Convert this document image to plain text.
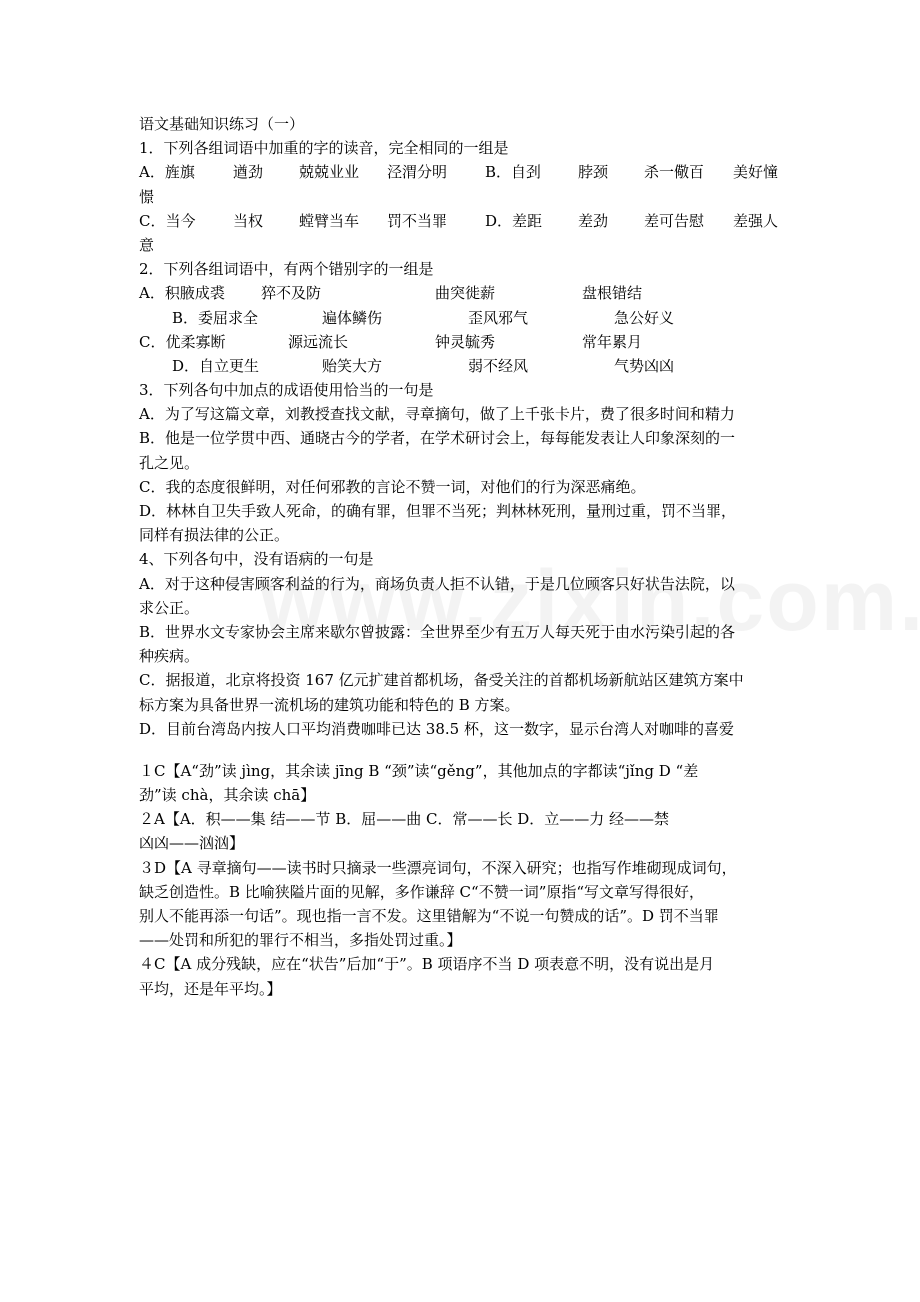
语文基础知识练习（一）
1．下列各组词语中加重的字的读音，完全相同的一组是
A．旌旗	遒劲 兢兢业业 泾渭分明	B．自刭 脖颈 杀一儆百 美好憧
憬
C．当今	当权 螳臂当车 罚不当罪	D．差距 差劲 差可告慰 差强人
意
2．下列各组词语中，有两个错别字的一组是
A．积腋成裘 猝不及防	曲突徙薪	盘根错结
B．委屈求全	遍体鳞伤	歪风邪气	急公好义
C．优柔寡断	源远流长	钟灵毓秀	常年累月
D．自立更生	贻笑大方	弱不经风	气势凶凶
3．下列各句中加点的成语使用恰当的一句是
A．为了写这篇文章，刘教授查找文献，寻章摘句，做了上千张卡片，费了很多时间和精力
B．他是一位学贯中西、通晓古今的学者，在学术研讨会上，每每能发表让人印象深刻的一
孔之见。
C．我的态度很鲜明，对任何邪教的言论不赞一词，对他们的行为深恶痛绝。
D．林林自卫失手致人死命，的确有罪，但罪不当死；判林林死刑，量刑过重，罚不当罪，
同样有损法律的公正。
4、下列各句中，没有语病的一句是
A．对于这种侵害顾客利益的行为，商场负责人拒不认错，于是几位顾客只好状告法院，以
求公正。
B．世界水文专家协会主席来歇尔曾披露：全世界至少有五万人每天死于由水污染引起的各
种疾病。
C．据报道，北京将投资 167 亿元扩建首都机场，备受关注的首都机场新航站区建筑方案中
标方案为具备世界一流机场的建筑功能和特色的 B 方案。
D．目前台湾岛内按人口平均消费咖啡已达 38.5 杯，这一数字，显示台湾人对咖啡的喜爱
１C【A“劲”读 jìng，其余读 jīng B “颈”读“gěng”，其他加点的字都读“jǐng D “差
劲”读 chà，其余读 chā】
２A【A．积——集 结——节 B．屈——曲 C．常——长 D．立——力 经——禁
凶凶——汹汹】
３D【A 寻章摘句——读书时只摘录一些漂亮词句，不深入研究；也指写作堆砌现成词句，
缺乏创造性。B 比喻狭隘片面的见解，多作谦辞 C“不赞一词”原指“写文章写得很好，
别人不能再添一句话”。现也指一言不发。这里错解为“不说一句赞成的话”。D 罚不当罪
——处罚和所犯的罪行不相当，多指处罚过重。】
４C【A 成分残缺，应在“状告”后加“于”。B 项语序不当 D 项表意不明，没有说出是月
平均，还是年平均。】
